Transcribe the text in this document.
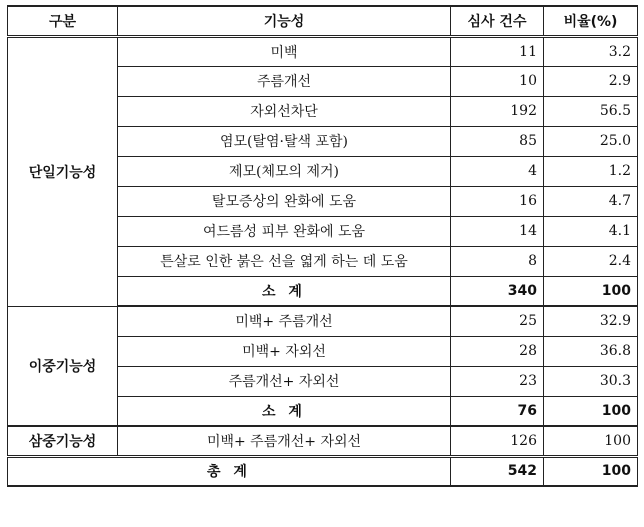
구분	기능성	심사 건수	비율(%)
단일기능성	미백	11	3.2
	주름개선	10	2.9
	자외선차단	192	56.5
	염모(탈염·탈색 포함)	85	25.0
	제모(체모의 제거)	4	1.2
	탈모증상의 완화에 도움	16	4.7
	여드름성 피부 완화에 도움	14	4.1
	튼살로 인한 붉은 선을 엷게 하는 데 도움	8	2.4
	소 계	340	100
이중기능성	미백+ 주름개선	25	32.9
	미백+ 자외선	28	36.8
	주름개선+ 자외선	23	30.3
	소 계	76	100
삼중기능성	미백+ 주름개선+ 자외선	126	100
총 계		542	100
